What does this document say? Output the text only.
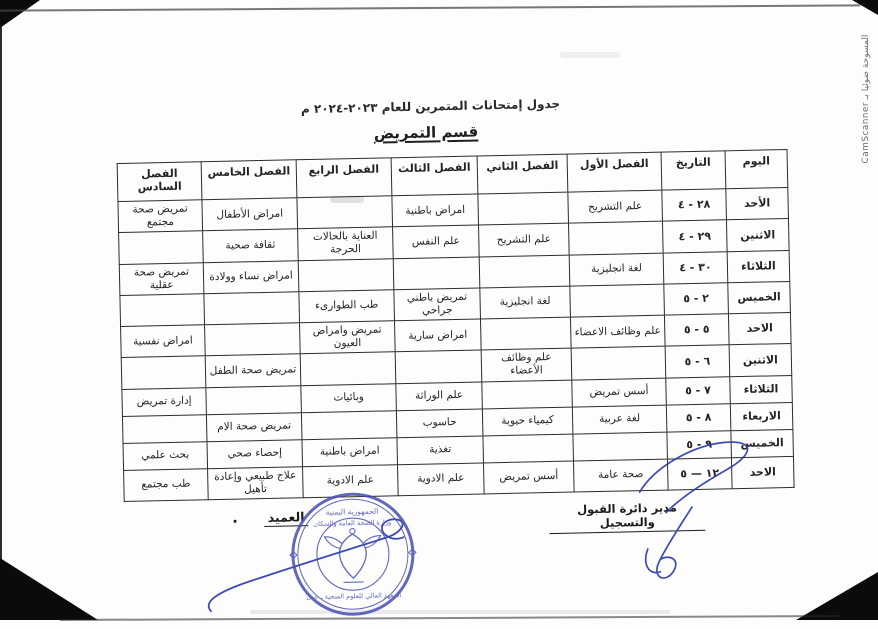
المسوحة ضوئيا بـ CamScanner
جدول إمتحانات المتمرين للعام ٢٠٢٣-٢٠٢٤ م
قسم التمريض
اليوم	التاريخ	الفصل الأول	الفصل الثاني	الفصل الثالث	الفصل الرابع	الفصل الخامس	الفصل السادس
الأحد	٢٨ - ٤	علم التشريح		امراض باطنية		امراض الأطفال	تمريض صحة مجتمع
الاثنين	٢٩ - ٤		علم التشريح	علم النفس	العناية بالحالات الحرجة	ثقافة صحية	
الثلاثاء	٣٠ - ٤	لغة انجليزية				امراض نساء وولادة	تمريض صحة عقلية
الخميس	٢ - ٥		لغة انجليزية	تمريض باطني جراحي	طب الطوارىء		
الاحد	٥ - ٥	علم وظائف الاعضاء		امراض سارية	تمريض وامراض العيون		امراض نفسية
الاثنين	٦ - ٥		علم وظائف الأعضاء			تمريض صحة الطفل	
الثلاثاء	٧ - ٥	أسس تمريض		علم الوراثة	وبائيات		إدارة تمريض
الاربعاء	٨ - ٥	لغة عربية	كيمياء حيوية	حاسوب		تمريض صحة الام	
الخميس	٩ - ٥			تغذية	امراض باطنية	إحصاء صحي	بحث علمي
الاحد	١٢ — ٥	صحة عامة	أسس تمريض	علم الادوية	علم الادوية	علاج طبيعي وإعادة تأهيل	طب مجتمع
مدير دائرة القبول والتسجيل
العميد
.	الجمهورية اليمنية
وزارة الصحة العامة والسكان
المعهد العالي للعلوم الصحية ـ عدن
